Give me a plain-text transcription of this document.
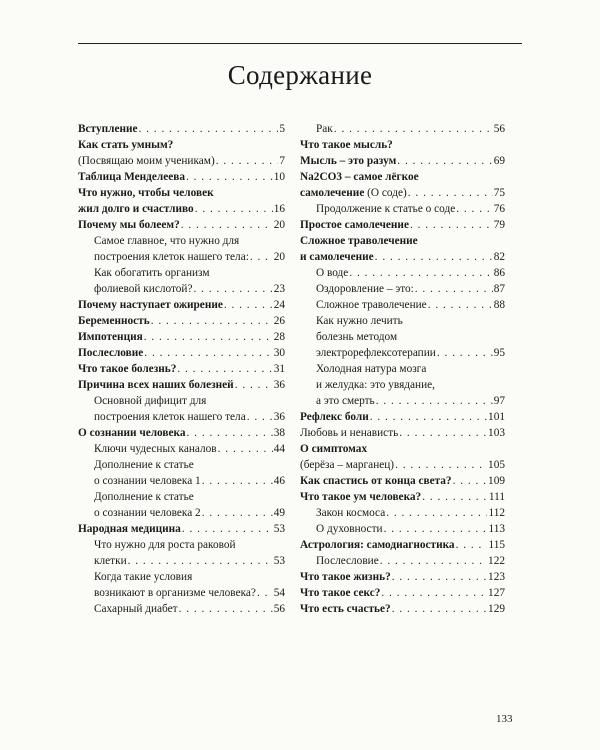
Содержание
Вступление . . .	5
Как стать умным?
(Посвящаю моим ученикам) . . .	7
Таблица Менделеева . . .	10
Что нужно, чтобы человек
жил долго и счастливо . . .	16
Почему мы болеем? . . .	20
Самое главное, что нужно для
построения клеток нашего тела: . . . 20
Как обогатить организм
фолиевой кислотой? . . .	23
Почему наступает ожирение . . .	24
Беременность . . .	26
Импотенция . . .	28
Послесловие . . .	30
Что такое болезнь? . . .	31
Причина всех наших болезней . . .	36
Основной дифицит для
построения клеток нашего тела . . . 36
О сознании человека . . .	38
Ключи чудесных каналов . . .	44
Дополнение к статье
о сознании человека 1 . . .	46
Дополнение к статье
о сознании человека 2 . . .	49
Народная медицина . . .	53
Что нужно для роста раковой
клетки . . .	53
Когда такие условия
возникают в организме человека? . . . 54
Сахарный диабет . . .	56
Рак . . .	56
Что такое мысль?
Мысль – это разум . . .	69
Na2CO3 – самое лёгкое
самолечение (О соде) . . .	75
Продолжение к статье о соде . . .	76
Простое самолечение . . .	79
Сложное траволечение
и самолечение . . .	82
О воде . . .	86
Оздоровление – это: . . .	87
Сложное траволечение . . .	88
Как нужно лечить
болезнь методом
электрорефлексотерапии . . .	95
Холодная натура мозга
и желудка: это увядание,
а это смерть . . .	97
Рефлекс боли . . .	101
Любовь и ненависть . . .	103
О симптомах
(берёза – марганец) . . .	105
Как спастись от конца света? . . .	109
Что такое ум человека? . . .	111
Закон космоса . . .	112
О духовности . . .	113
Астрология: самодиагностика . . .	115
Послесловие . . .	122
Что такое жизнь? . . .	123
Что такое секс? . . .	127
Что есть счастье? . . .	129
133
